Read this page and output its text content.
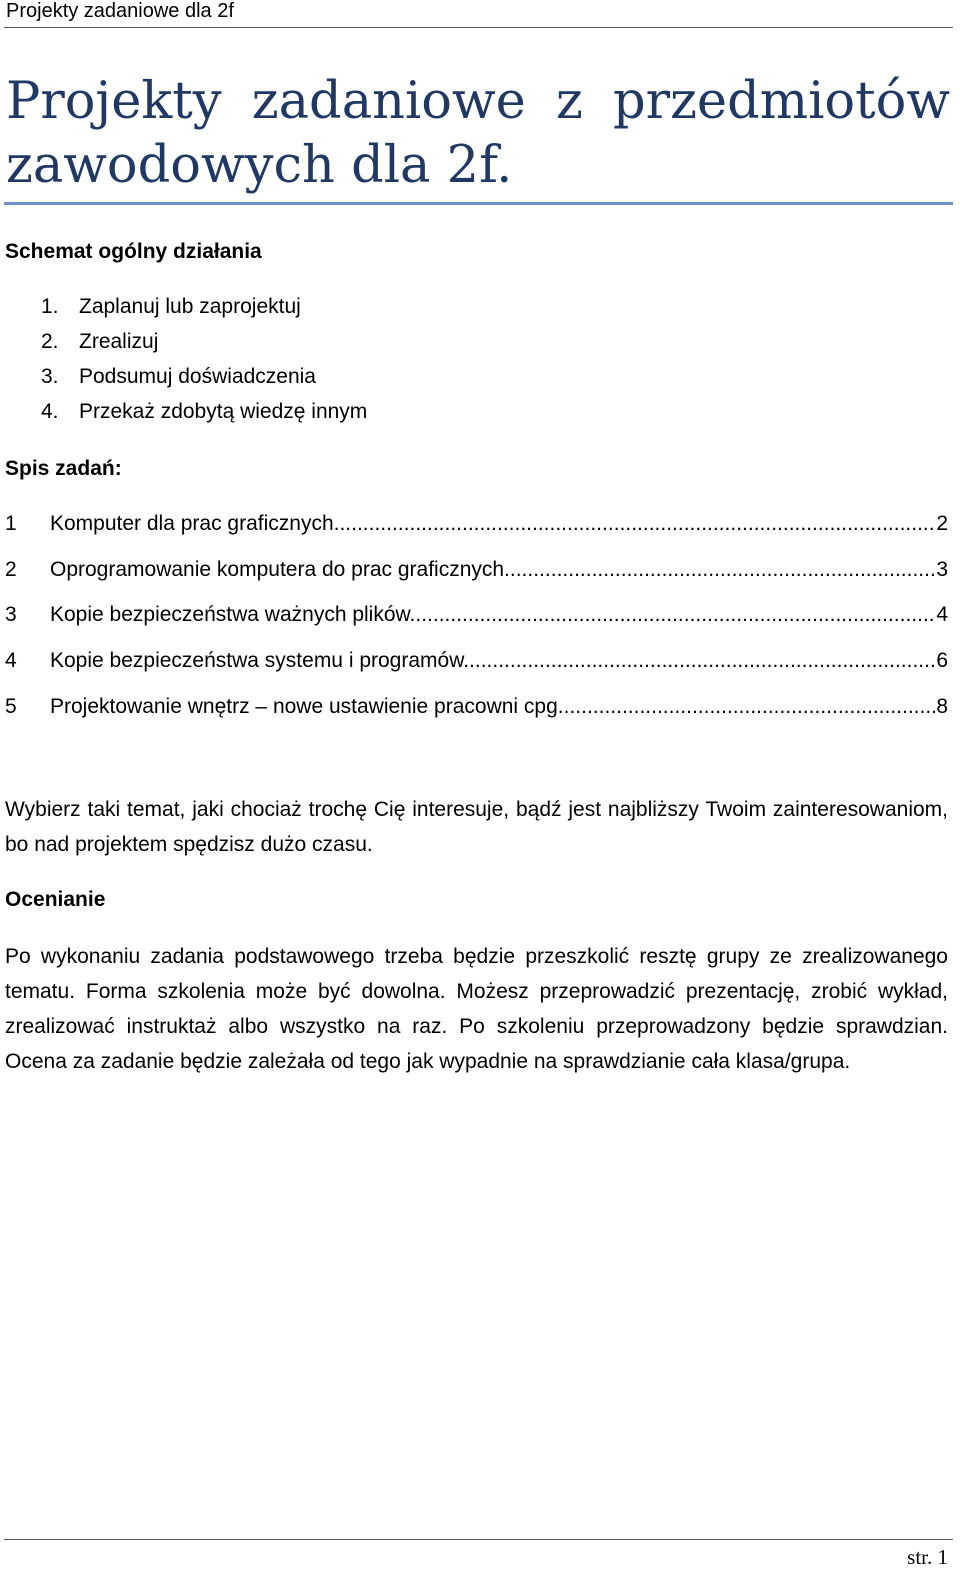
Projekty zadaniowe dla 2f
Projekty zadaniowe z przedmiotów zawodowych dla 2f.
Schemat ogólny działania
1. Zaplanuj lub zaprojektuj
2. Zrealizuj
3. Podsumuj doświadczenia
4. Przekaż zdobytą wiedzę innym
Spis zadań:
1 Komputer dla prac graficznych. .....	2
2 Oprogramowanie komputera do prac graficznych. .....	3
3 Kopie bezpieczeństwa ważnych plików. .....	4
4 Kopie bezpieczeństwa systemu i programów. .....	6
5 Projektowanie wnętrz – nowe ustawienie pracowni cpg. .....	8

Wybierz taki temat, jaki chociaż trochę Cię interesuje, bądź jest najbliższy Twoim zainteresowaniom, bo nad projektem spędzisz dużo czasu.

Ocenianie

Po wykonaniu zadania podstawowego trzeba będzie przeszkolić resztę grupy ze zrealizowanego tematu. Forma szkolenia może być dowolna. Możesz przeprowadzić prezentację, zrobić wykład, zrealizować instruktaż albo wszystko na raz. Po szkoleniu przeprowadzony będzie sprawdzian. Ocena za zadanie będzie zależała od tego jak wypadnie na sprawdzianie cała klasa/grupa.

str. 1
